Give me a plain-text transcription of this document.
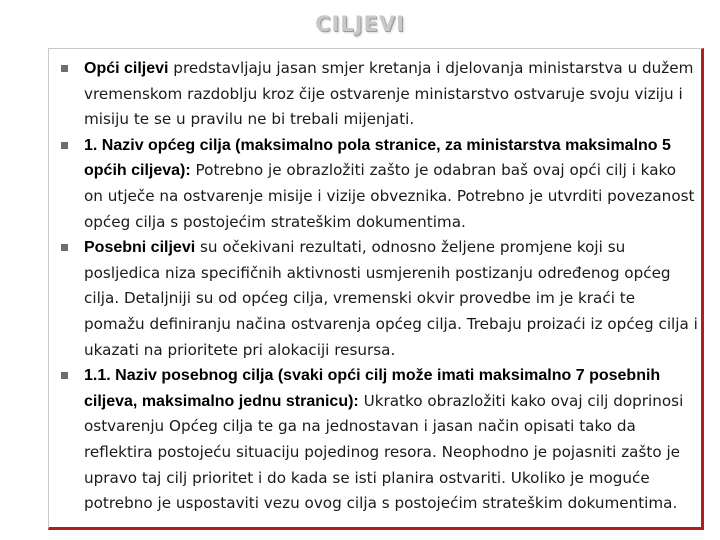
CILJEVI
Opći ciljevi predstavljaju jasan smjer kretanja i djelovanja ministarstva u dužem vremenskom razdoblju kroz čije ostvarenje ministarstvo ostvaruje svoju viziju i misiju te se u pravilu ne bi trebali mijenjati.
1. Naziv općeg cilja (maksimalno pola stranice, za ministarstva maksimalno 5 općih ciljeva): Potrebno je obrazložiti zašto je odabran baš ovaj opći cilj i kako on utječe na ostvarenje misije i vizije obveznika. Potrebno je utvrditi povezanost općeg cilja s postojećim strateškim dokumentima.
Posebni ciljevi su očekivani rezultati, odnosno željene promjene koji su posljedica niza specifičnih aktivnosti usmjerenih postizanju određenog općeg cilja. Detaljniji su od općeg cilja, vremenski okvir provedbe im je kraći te pomažu definiranju načina ostvarenja općeg cilja. Trebaju proizaći iz općeg cilja i ukazati na prioritete pri alokaciji resursa.
1.1. Naziv posebnog cilja (svaki opći cilj može imati maksimalno 7 posebnih ciljeva, maksimalno jednu stranicu): Ukratko obrazložiti kako ovaj cilj doprinosi ostvarenju Općeg cilja te ga na jednostavan i jasan način opisati tako da reflektira postojeću situaciju pojedinog resora. Neophodno je pojasniti zašto je upravo taj cilj prioritet i do kada se isti planira ostvariti. Ukoliko je moguće potrebno je uspostaviti vezu ovog cilja s postojećim strateškim dokumentima.
